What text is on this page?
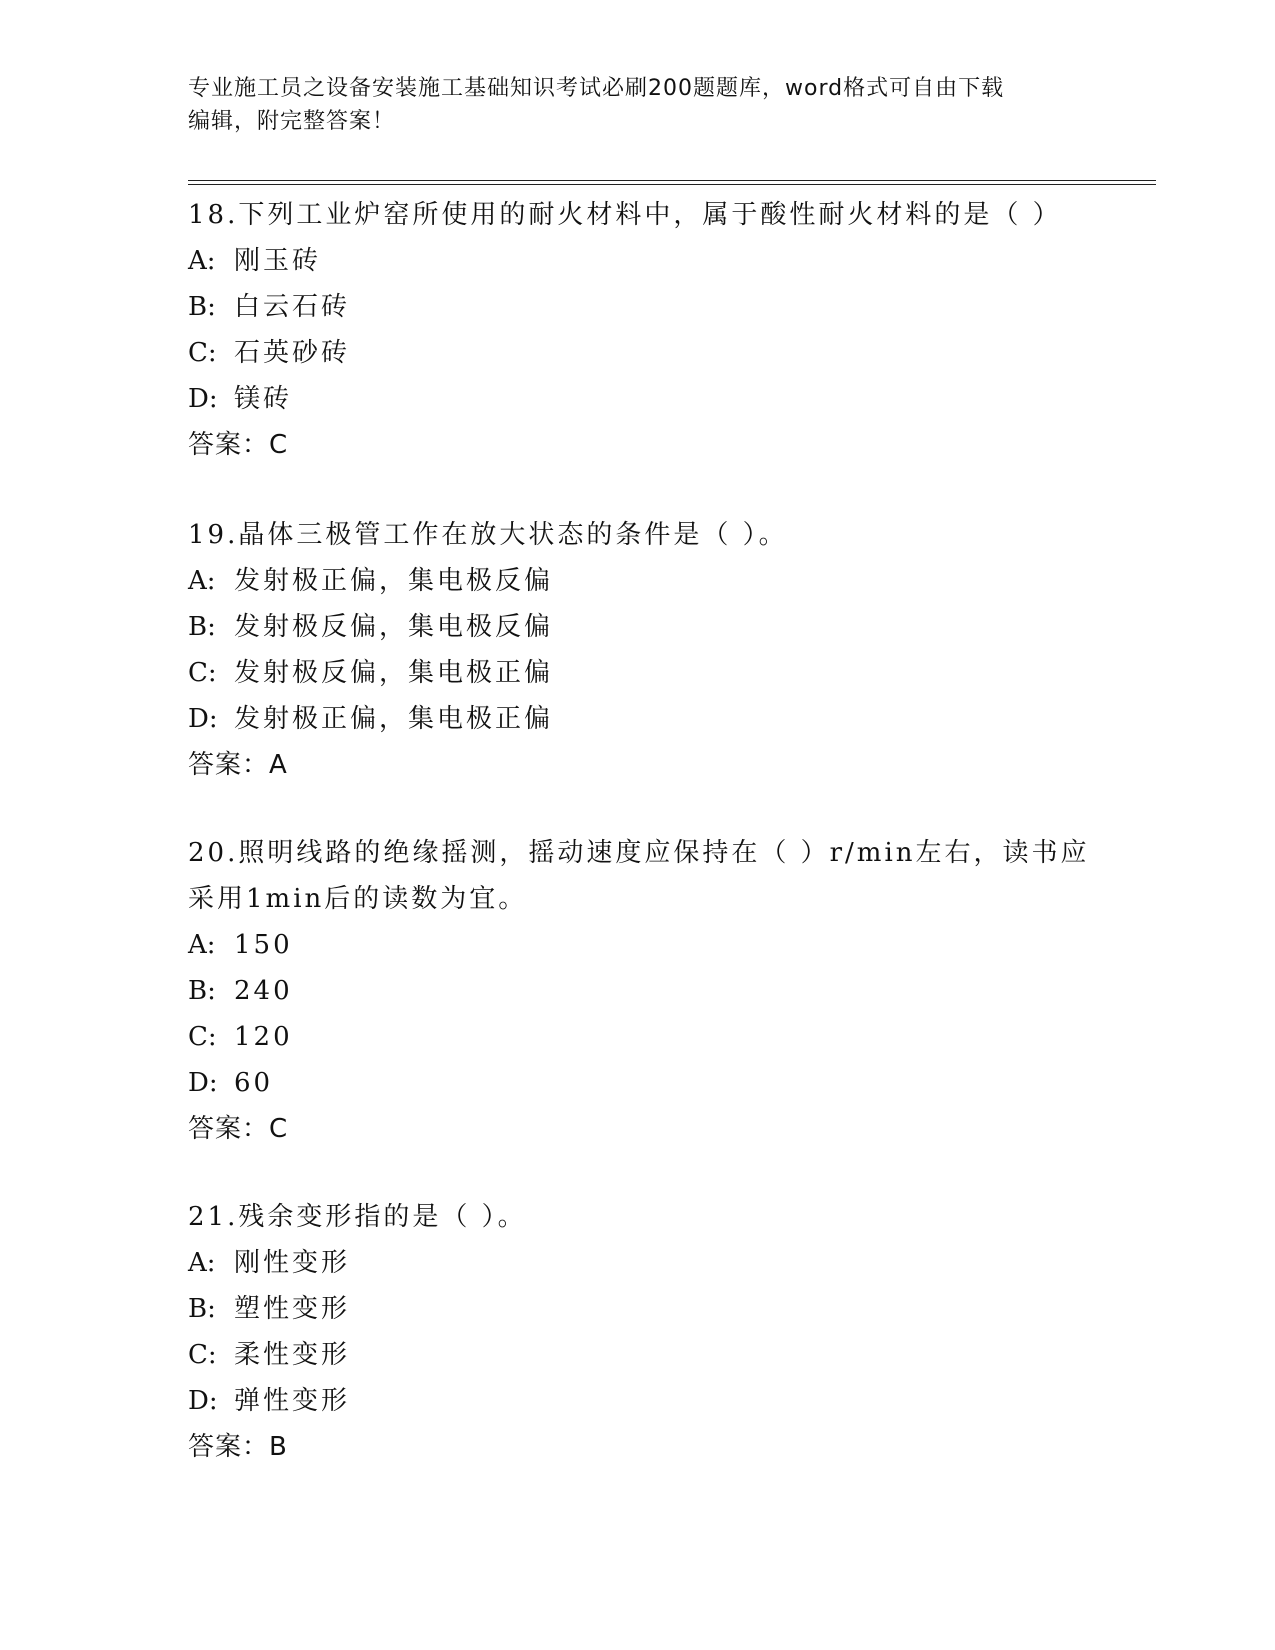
专业施工员之设备安装施工基础知识考试必刷200题题库，word格式可自由下载
编辑，附完整答案！

18.下列工业炉窑所使用的耐火材料中，属于酸性耐火材料的是（ ）

A: 刚玉砖

B: 白云石砖

C: 石英砂砖

D: 镁砖

答案：C

19.晶体三极管工作在放大状态的条件是（ ）。

A: 发射极正偏，集电极反偏

B: 发射极反偏，集电极反偏

C: 发射极反偏，集电极正偏

D: 发射极正偏，集电极正偏

答案：A

20.照明线路的绝缘摇测，摇动速度应保持在（ ）r/min左右，读书应

采用1min后的读数为宜。

A: 150

B: 240

C: 120

D: 60

答案：C

21.残余变形指的是（ ）。

A: 刚性变形

B: 塑性变形

C: 柔性变形

D: 弹性变形

答案：B
